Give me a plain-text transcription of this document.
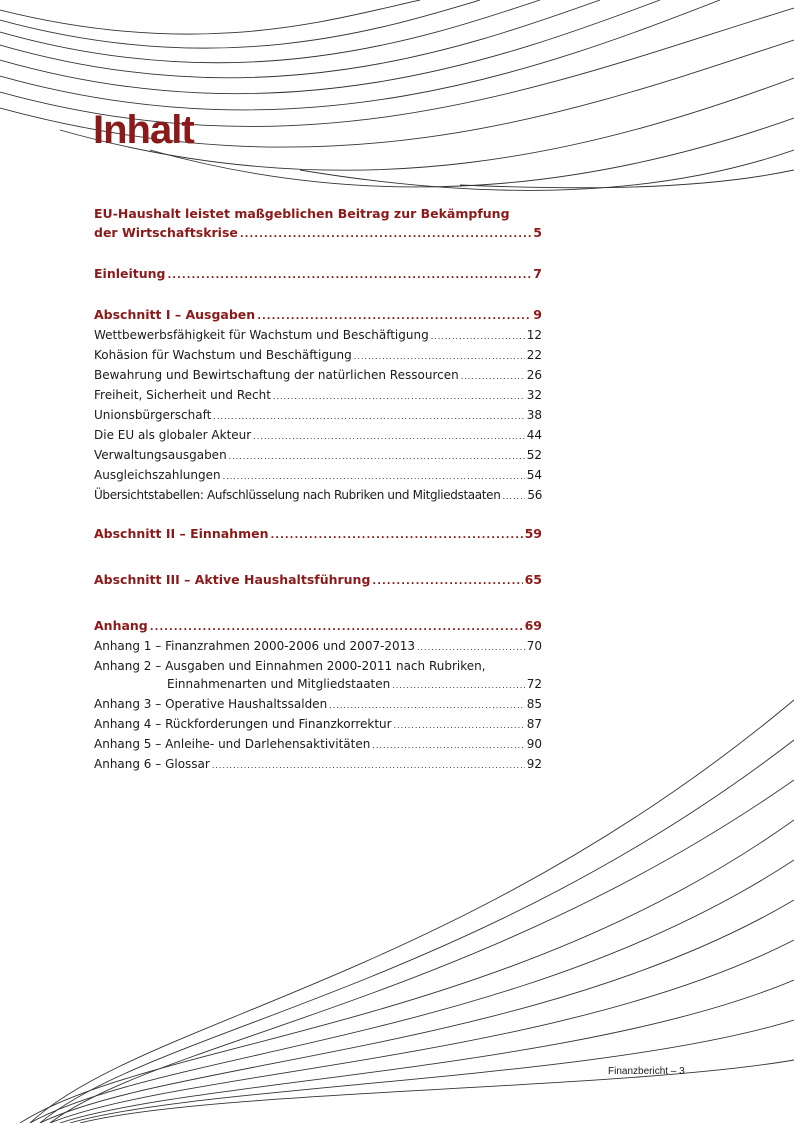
Inhalt
EU-Haushalt leistet maßgeblichen Beitrag zur Bekämpfung
der Wirtschaftskrise .....	5
Einleitung .....	7
Abschnitt I – Ausgaben .....	9
Wettbewerbsfähigkeit für Wachstum und Beschäftigung .....	12
Kohäsion für Wachstum und Beschäftigung .....	22
Bewahrung und Bewirtschaftung der natürlichen Ressourcen .....	26
Freiheit, Sicherheit und Recht .....	32
Unionsbürgerschaft .....	38
Die EU als globaler Akteur .....	44
Verwaltungsausgaben .....	52
Ausgleichszahlungen .....	54
Übersichtstabellen: Aufschlüsselung nach Rubriken und Mitgliedstaaten ..... 56
Abschnitt II – Einnahmen .....	59
Abschnitt III – Aktive Haushaltsführung .....	65
Anhang .....	69
Anhang 1 – Finanzrahmen 2000-2006 und 2007-2013 .....	70
Anhang 2 – Ausgaben und Einnahmen 2000-2011 nach Rubriken,
Einnahmenarten und Mitgliedstaaten .....	72
Anhang 3 – Operative Haushaltssalden .....	85
Anhang 4 – Rückforderungen und Finanzkorrektur .....	87
Anhang 5 – Anleihe- und Darlehensaktivitäten .....	90
Anhang 6 – Glossar .....	92
Finanzbericht – 3
